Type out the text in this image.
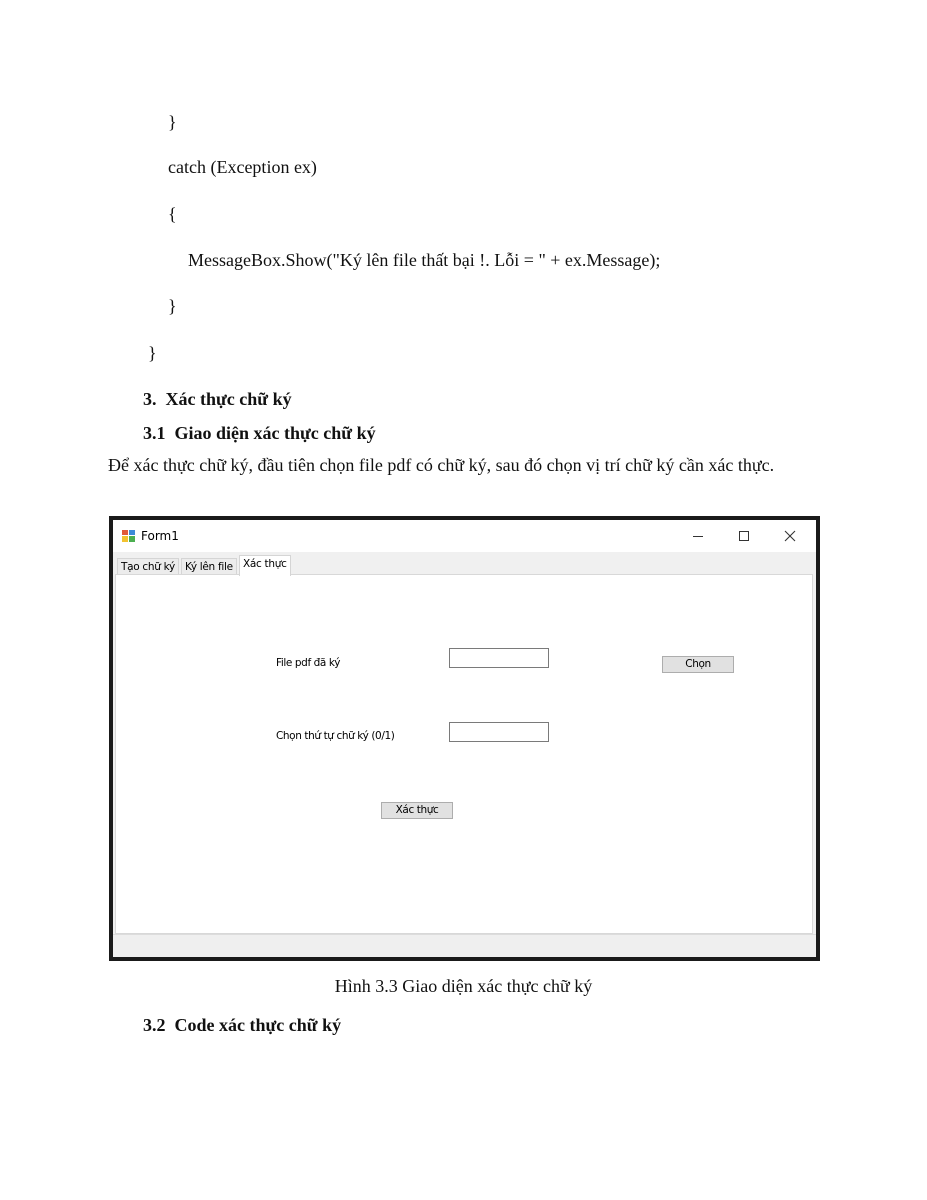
}
catch (Exception ex)
{
MessageBox.Show("Ký lên file thất bại !. Lỗi = " + ex.Message);
}
}
3.  Xác thực chữ ký
3.1  Giao diện xác thực chữ ký
Để xác thực chữ ký, đầu tiên chọn file pdf có chữ ký, sau đó chọn vị trí chữ ký cần xác thực.
Form1
Tạo chữ ký Ký lên file Xác thực
File pdf đã ký	Chọn
Chọn thứ tự chữ ký (0/1)
Xác thực
Hình 3.3 Giao diện xác thực chữ ký
3.2  Code xác thực chữ ký
